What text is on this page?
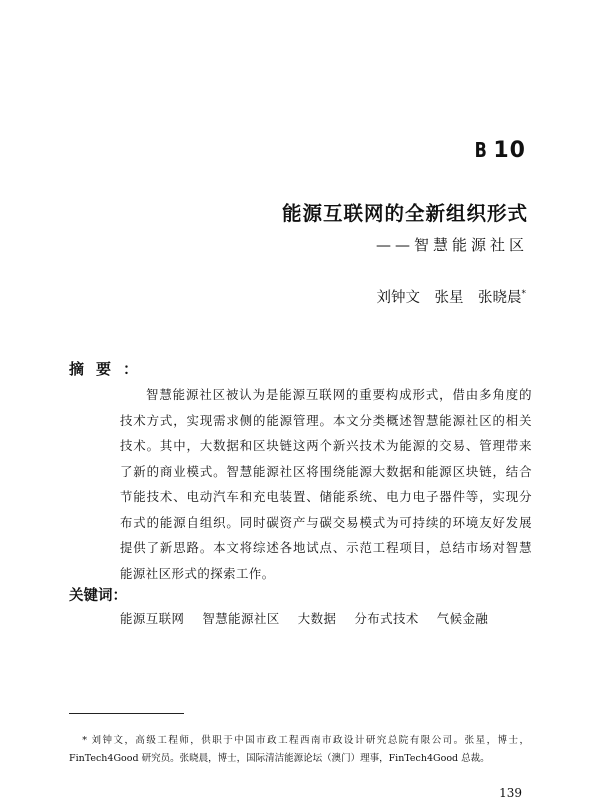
B 10
能源互联网的全新组织形式
——智慧能源社区
刘钟文　张星　张晓晨*
摘要：
智慧能源社区被认为是能源互联网的重要构成形式，借由多角度的技术方式，实现需求侧的能源管理。本文分类概述智慧能源社区的相关技术。其中，大数据和区块链这两个新兴技术为能源的交易、管理带来了新的商业模式。智慧能源社区将围绕能源大数据和能源区块链，结合节能技术、电动汽车和充电装置、储能系统、电力电子器件等，实现分布式的能源自组织。同时碳资产与碳交易模式为可持续的环境友好发展提供了新思路。本文将综述各地试点、示范工程项目，总结市场对智慧能源社区形式的探索工作。
关键词：
能源互联网 智慧能源社区 大数据 分布式技术 气候金融
* 刘钟文，高级工程师，供职于中国市政工程西南市政设计研究总院有限公司。张星，博士，FinTech4Good 研究员。张晓晨，博士，国际清洁能源论坛（澳门）理事，FinTech4Good 总裁。
139
